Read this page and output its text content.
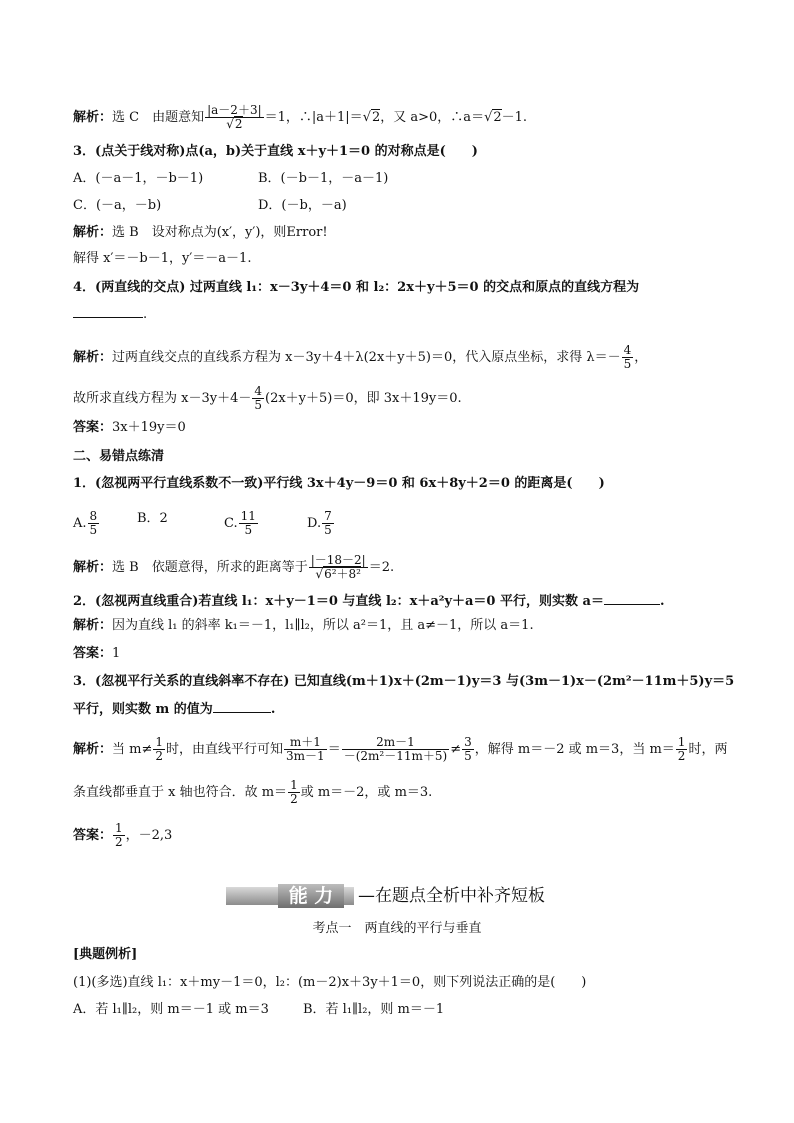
解析：选 C　由题意知 $\frac{|a-2+3|}{√2} =1$，∴|a＋1|＝√2，又 a>0，∴a＝√2－1.
3．(点关于线对称)点(a，b)关于直线 x＋y＋1＝0 的对称点是(　　)
A．(－a－1，－b－1)	B．(－b－1，－a－1)
C．(－a，－b)	D．(－b，－a)
解析：选 B　设对称点为(x′，y′)，则Error!
解得 x′＝－b－1，y′＝－a－1.
4．(两直线的交点) 过两直线 l₁：x－3y＋4＝0 和 l₂：2x＋y＋5＝0 的交点和原点的直线方程为
.
解析：过两直线交点的直线系方程为 x－3y＋4＋λ(2x＋y＋5)＝0，代入原点坐标，求得 $\lambda=- \frac{4}{5}$ ，
故所求直线方程为 $x-3y+4- \frac{4}{5} (2x+y+5)=0$，即 3x＋19y＝0.
答案：3x＋19y＝0
二、易错点练清
1．(忽视两平行直线系数不一致)平行线 3x＋4y－9＝0 和 6x＋8y＋2＝0 的距离是(　　)
A. $\frac{8}{5}$	B．2	C. $\frac{11}{5}$	D. $\frac{7}{5}$
解析：选 B　依题意得，所求的距离等于 $\frac{|-18-2|}{\text{√6²＋8²}} =2$.
2．(忽视两直线重合)若直线 l₁：x＋y－1＝0 与直线 l₂：x＋a²y＋a＝0 平行，则实数 a＝	.
解析：因为直线 l₁ 的斜率 k₁＝－1，l₁∥l₂，所以 a²＝1，且 a≠－1，所以 a＝1.
答案：1
3．(忽视平行关系的直线斜率不存在) 已知直线(m＋1)x＋(2m－1)y＝3 与(3m－1)x－(2m²－11m＋5)y＝5
平行，则实数 m 的值为	.
解析：当 $m\ne \frac{1}{2}$ 时，由直线平行可知 $\frac{m+1}{3m-1} = \frac{2m-1}{\text{－(2m²－11m＋5)}} \ne \frac{3}{5}$ ，解得 m＝－2 或 m＝3，当 $m= \frac{1}{2}$ 时，两
条直线都垂直于 x 轴也符合．故 $m= \frac{1}{2}$ 或 m＝－2，或 m＝3.
答案： $\frac{1}{2}$ ，－2,3
能 力	—在题点全析中补齐短板
考点一　两直线的平行与垂直
[典题例析]
(1)(多选)直线 l₁：x＋my－1＝0，l₂：(m－2)x＋3y＋1＝0，则下列说法正确的是(　　)
A．若 l₁∥l₂，则 m＝－1 或 m＝3	B．若 l₁∥l₂，则 m＝－1
